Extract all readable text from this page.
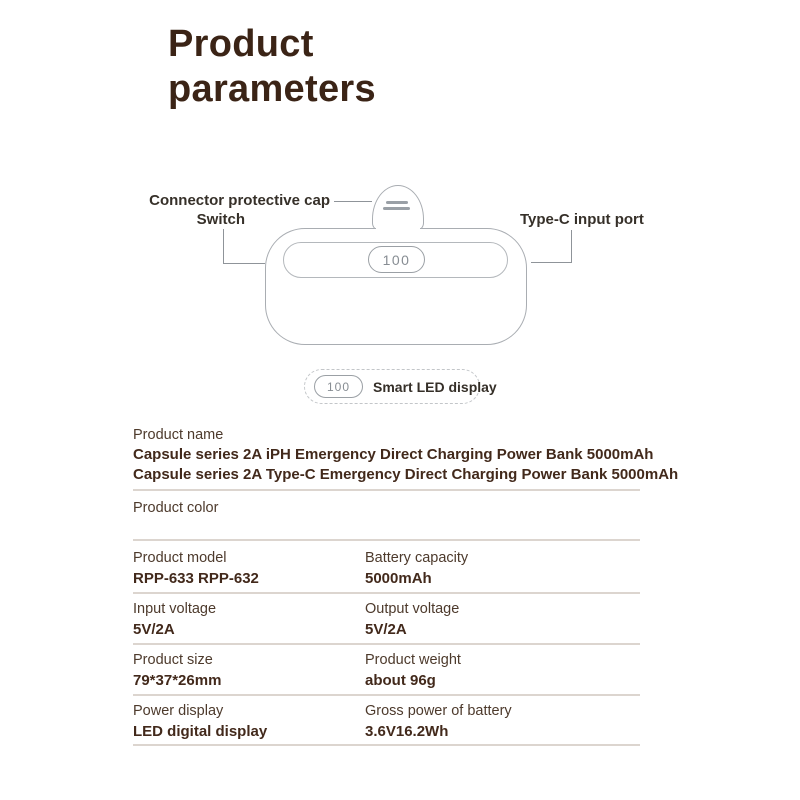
Product
parameters
100
Connector protective cap
Switch	Type-C input port
100	Smart LED display
Product name
Capsule series 2A iPH Emergency Direct Charging Power Bank 5000mAh
Capsule series 2A Type-C Emergency Direct Charging Power Bank 5000mAh
Product color
Product model
RPP-633 RPP-632
Battery capacity
5000mAh
Input voltage
5V/2A
Output voltage
5V/2A
Product size
79*37*26mm
Product weight
about 96g
Power display
LED digital display
Gross power of battery
3.6V16.2Wh
